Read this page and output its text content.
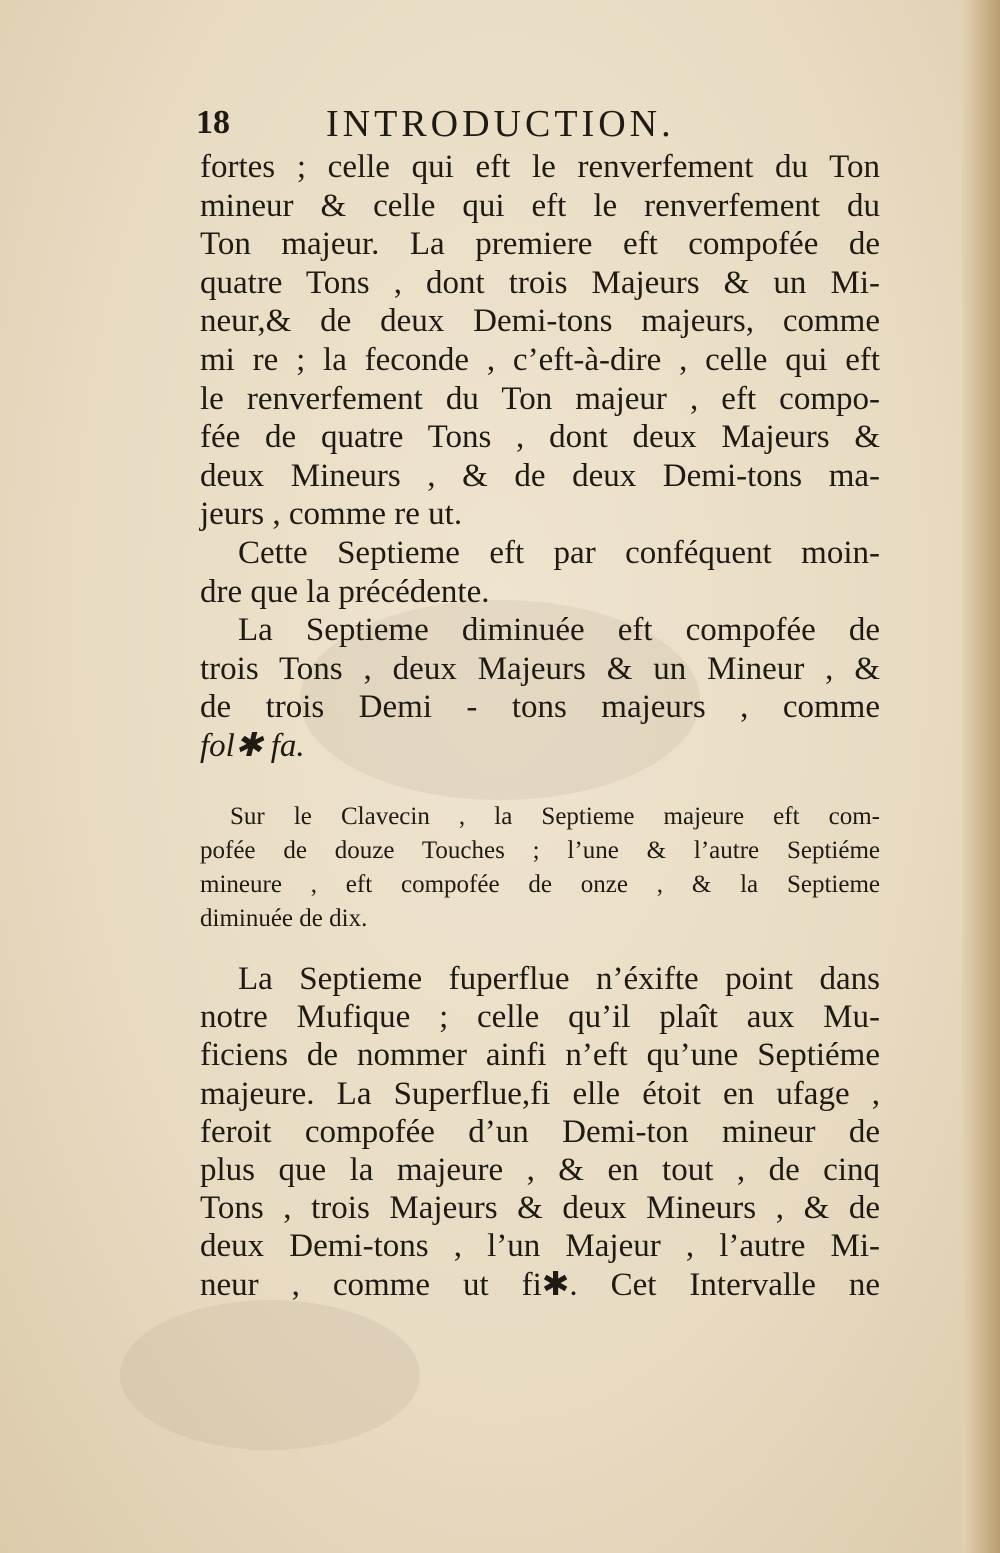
18	INTRODUCTION.
fortes ; celle qui eft le renverfement du Ton
mineur & celle qui eft le renverfement du
Ton majeur. La premiere eft compofée de
quatre Tons , dont trois Majeurs & un Mi-
neur,& de deux Demi-tons majeurs, comme
mi re ; la feconde , c’eft-à-dire , celle qui eft
le renverfement du Ton majeur , eft compo-
fée de quatre Tons , dont deux Majeurs &
deux Mineurs , & de deux Demi-tons ma-
jeurs , comme re ut.
Cette Septieme eft par conféquent moin-
dre que la précédente.
La Septieme diminuée eft compofée de
trois Tons , deux Majeurs & un Mineur , &
de trois Demi - tons majeurs , comme
fol✱ fa.
Sur le Clavecin , la Septieme majeure eft com-
pofée de douze Touches ; l’une & l’autre Septiéme
mineure , eft compofée de onze , & la Septieme
diminuée de dix.
La Septieme fuperflue n’éxifte point dans
notre Mufique ; celle qu’il plaît aux Mu-
ficiens de nommer ainfi n’eft qu’une Septiéme
majeure. La Superflue,fi elle étoit en ufage ,
feroit compofée d’un Demi-ton mineur de
plus que la majeure , & en tout , de cinq
Tons , trois Majeurs & deux Mineurs , & de
deux Demi-tons , l’un Majeur , l’autre Mi-
neur , comme ut fi✱. Cet Intervalle ne
